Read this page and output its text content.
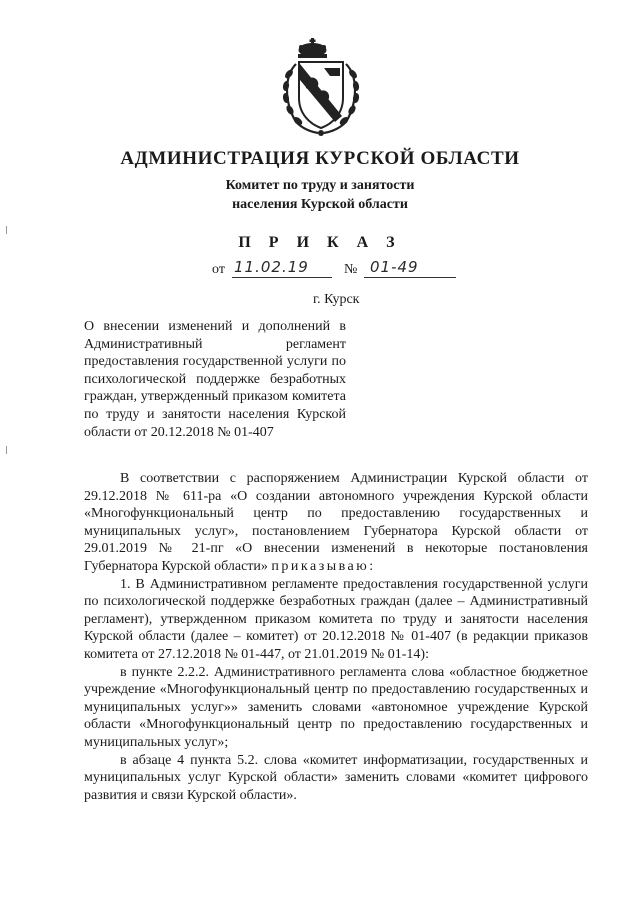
АДМИНИСТРАЦИЯ КУРСКОЙ ОБЛАСТИ
Комитет по труду и занятости
населения Курской области
П Р И К А З
от 11.02.19	№ 01-49
г. Курск
О внесении изменений и дополнений в Административный регламент предоставления государственной услуги по психологической поддержке безработных граждан, утвержденный приказом комитета по труду и занятости населения Курской области от 20.12.2018 № 01-407

В соответствии с распоряжением Администрации Курской области от 29.12.2018 № 611-ра «О создании автономного учреждения Курской области «Многофункциональный центр по предоставлению государственных и муниципальных услуг», постановлением Губернатора Курской области от 29.01.2019 № 21-пг «О внесении изменений в некоторые постановления Губернатора Курской области» приказываю:

1. В Административном регламенте предоставления государственной услуги по психологической поддержке безработных граждан (далее – Административный регламент), утвержденном приказом комитета по труду и занятости населения Курской области (далее – комитет) от 20.12.2018 № 01-407 (в редакции приказов комитета от 27.12.2018 № 01-447, от 21.01.2019 № 01-14):

в пункте 2.2.2. Административного регламента слова «областное бюджетное учреждение «Многофункциональный центр по предоставлению государственных и муниципальных услуг»» заменить словами «автономное учреждение Курской области «Многофункциональный центр по предоставлению государственных и муниципальных услуг»;

в абзаце 4 пункта 5.2. слова «комитет информатизации, государственных и муниципальных услуг Курской области» заменить словами «комитет цифрового развития и связи Курской области».
